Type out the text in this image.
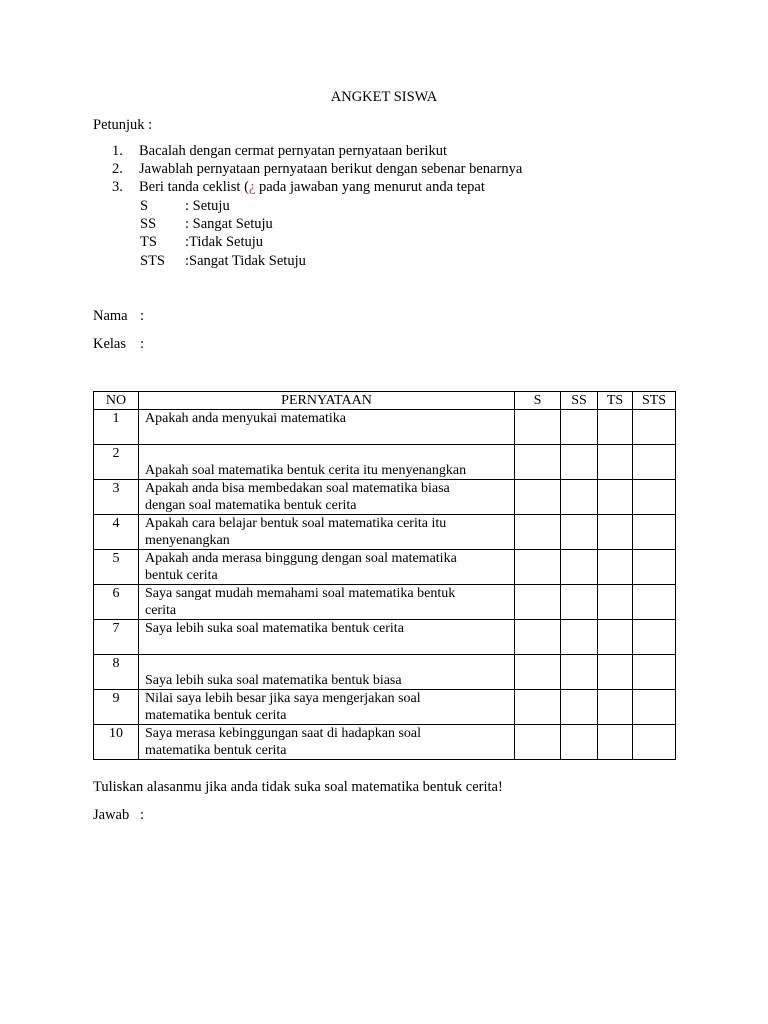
ANGKET SISWA
Petunjuk :
1. Bacalah dengan cermat pernyatan pernyataan berikut
2. Jawablah pernyataan pernyataan berikut dengan sebenar benarnya
3. Beri tanda ceklist (¿ pada jawaban yang menurut anda tepat
S	: Setuju
SS : Sangat Setuju
TS :Tidak Setuju
STS :Sangat Tidak Setuju
Nama :
Kelas :
NO	PERNYATAAN	S	SS	TS	STS
1	Apakah anda menyukai matematika				

2	Apakah soal matematika bentuk cerita itu menyenangkan				

3	Apakah anda bisa membedakan soal matematika biasa
dengan soal matematika bentuk cerita				

4	Apakah cara belajar bentuk soal matematika cerita itu
menyenangkan				

5	Apakah anda merasa binggung dengan soal matematika
bentuk cerita				

6	Saya sangat mudah memahami soal matematika bentuk
cerita				

7	Saya lebih suka soal matematika bentuk cerita				

8	Saya lebih suka soal matematika bentuk biasa				

9	Nilai saya lebih besar jika saya mengerjakan soal
matematika bentuk cerita				

10	Saya merasa kebinggungan saat di hadapkan soal
matematika bentuk cerita				

Tuliskan alasanmu jika anda tidak suka soal matematika bentuk cerita!
Jawab :
